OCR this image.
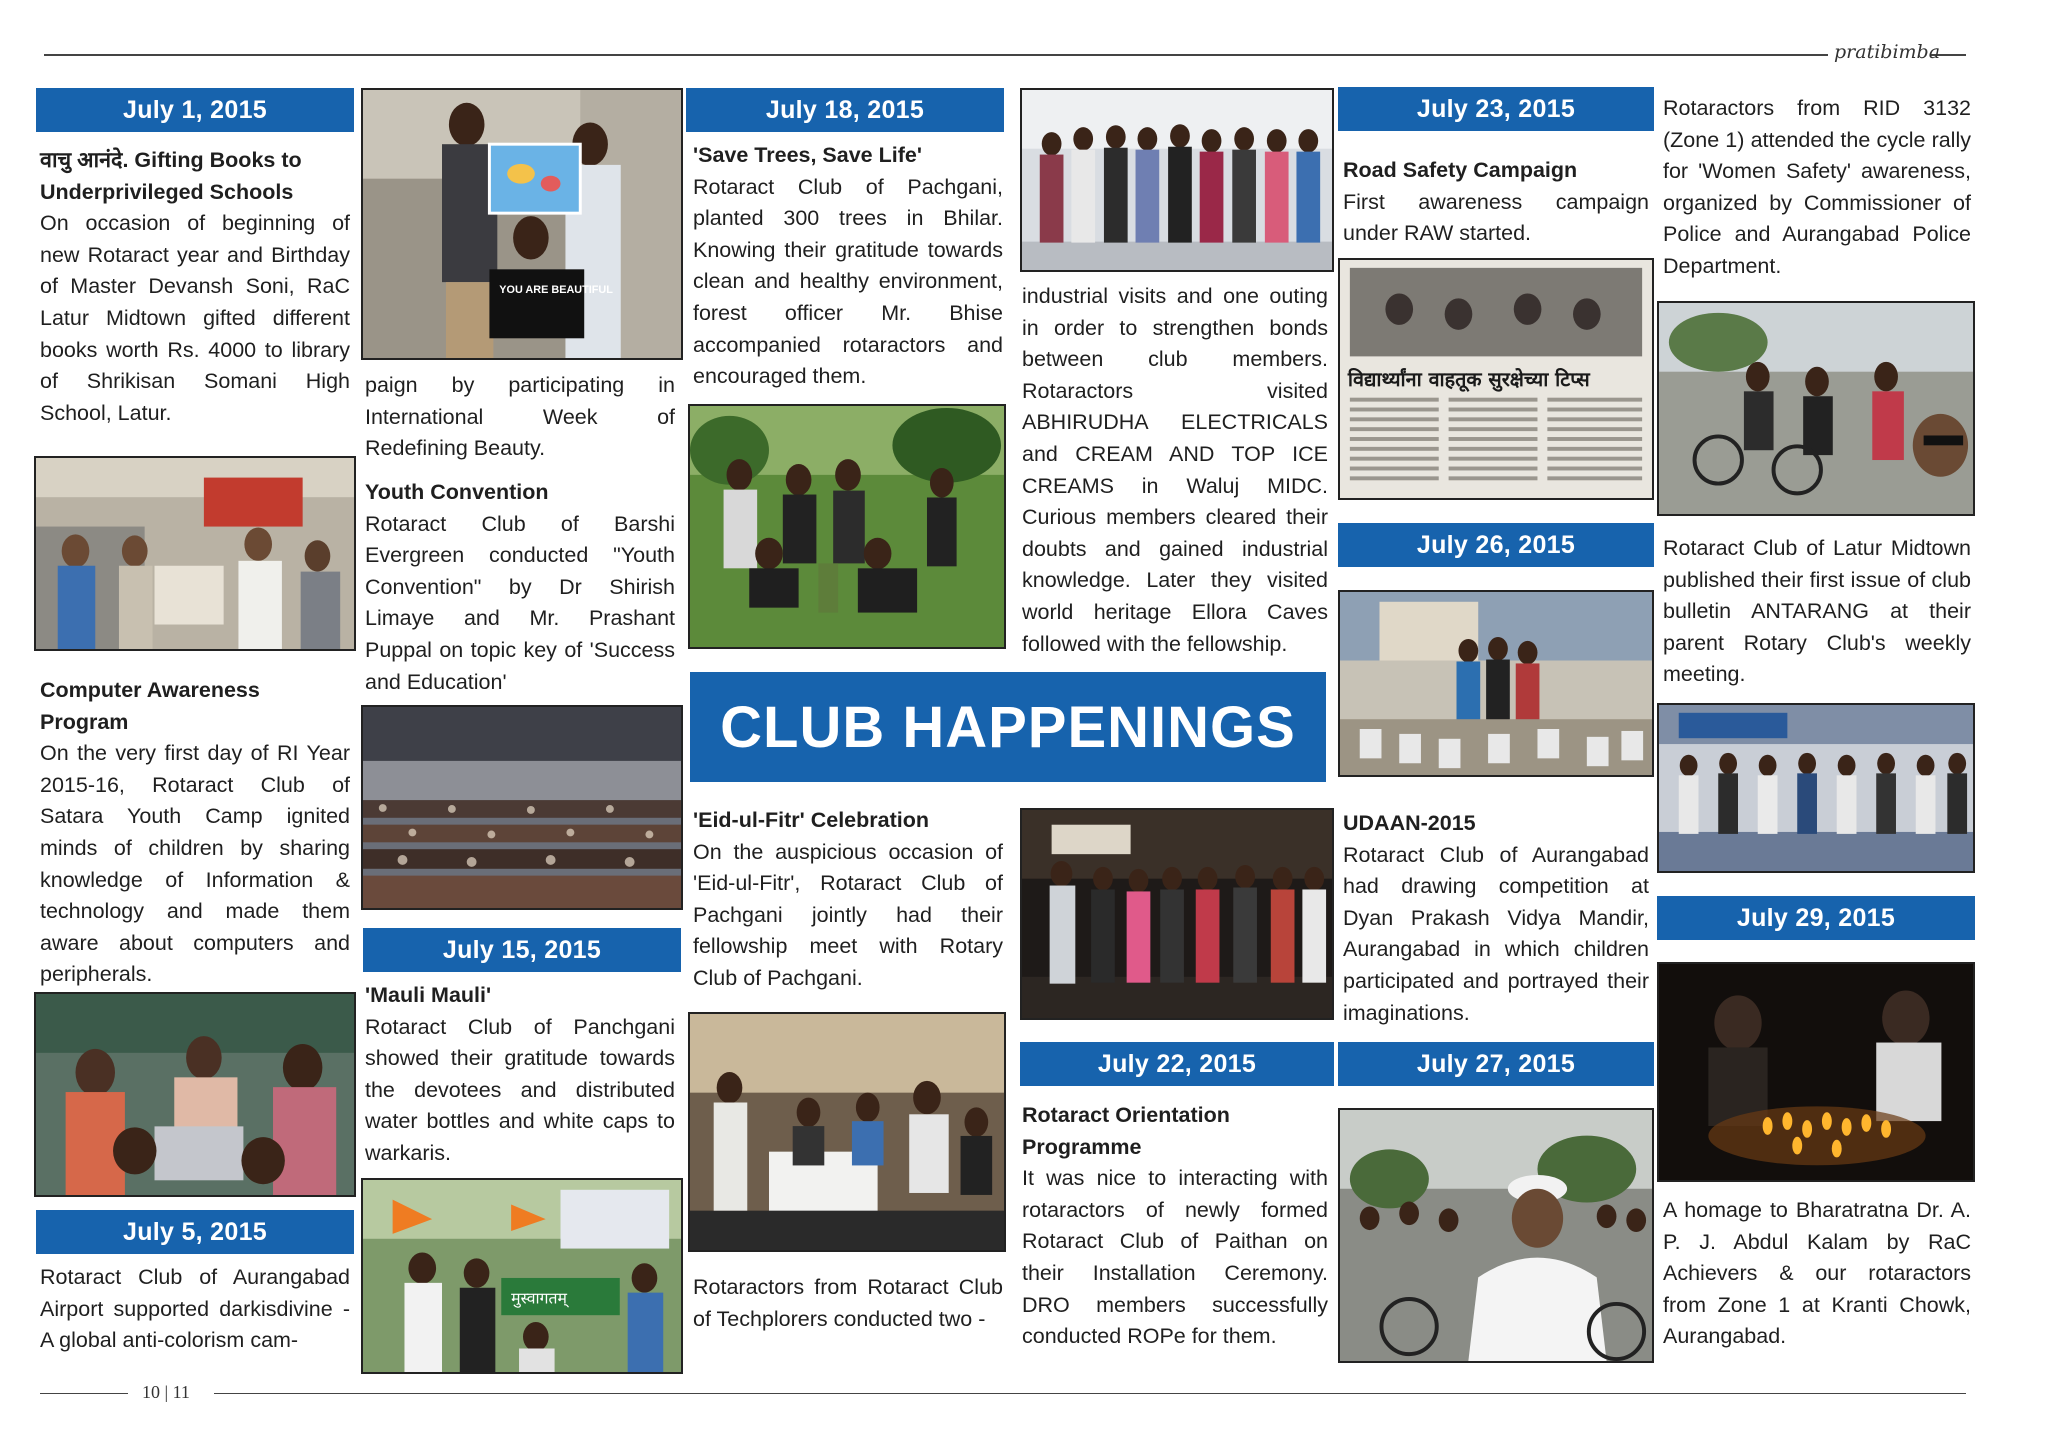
pratibimba
July 1, 2015
वाचु आनंदे. Gifting Books to Underprivileged Schools

On occasion of beginning of new Rotaract year and Birthday of Master Devansh Soni, RaC Latur Midtown gifted different books worth Rs. 4000 to library of Shrikisan Somani High School, Latur.

Computer Awareness Program

On the very first day of RI Year 2015-16, Rotaract Club of Satara Youth Camp ignited minds of children by sharing knowledge of Information & technology and made them aware about computers and peripherals.

July 5, 2015

Rotaract Club of Aurangabad Airport supported darkisdivine - A global anti-colorism cam-

YOU ARE BEAUTIFUL

paign by participating in International Week of Redefining Beauty.

Youth Convention

Rotaract Club of Barshi Evergreen conducted "Youth Convention" by Dr Shirish Limaye and Mr. Prashant Puppal on topic key of 'Success and Education'

July 15, 2015
'Mauli Mauli'

Rotaract Club of Panchgani showed their gratitude towards the devotees and distributed water bottles and white caps to warkaris.

मुस्वागतम्
July 18, 2015
'Save Trees, Save Life'

Rotaract Club of Pachgani, planted 300 trees in Bhilar. Knowing their gratitude towards clean and healthy environment, forest officer Mr. Bhise accompanied rotaractors and encouraged them.

CLUB HAPPENINGS
'Eid-ul-Fitr' Celebration

On the auspicious occasion of 'Eid-ul-Fitr', Rotaract Club of Pachgani jointly had their fellowship meet with Rotary Club of Pachgani.

Rotaractors from Rotaract Club of Techplorers conducted two -

industrial visits and one outing in order to strengthen bonds between club members. Rotaractors visited ABHIRUDHA ELECTRICALS and CREAM AND TOP ICE CREAMS in Waluj MIDC. Curious members cleared their doubts and gained industrial knowledge. Later they visited world heritage Ellora Caves followed with the fellowship.

July 22, 2015
Rotaract Orientation Programme

It was nice to interacting with rotaractors of newly formed Rotaract Club of Paithan on their Installation Ceremony. DRO members successfully conducted ROPe for them.

July 23, 2015
Road Safety Campaign

First awareness campaign under RAW started.

विद्यार्थ्यांना वाहतूक सुरक्षेच्या टिप्स
July 26, 2015
UDAAN-2015

Rotaract Club of Aurangabad had drawing competition at Dyan Prakash Vidya Mandir, Aurangabad in which children participated and portrayed their imaginations.

July 27, 2015

Rotaractors from RID 3132 (Zone 1) attended the cycle rally for 'Women Safety' awareness, organized by Commissioner of Police and Aurangabad Police Department.

Rotaract Club of Latur Midtown published their first issue of club bulletin ANTARANG at their parent Rotary Club's weekly meeting.

July 29, 2015

A homage to Bharatratna Dr. A. P. J. Abdul Kalam by RaC Achievers & our rotaractors from Zone 1 at Kranti Chowk, Aurangabad.

10 | 11
